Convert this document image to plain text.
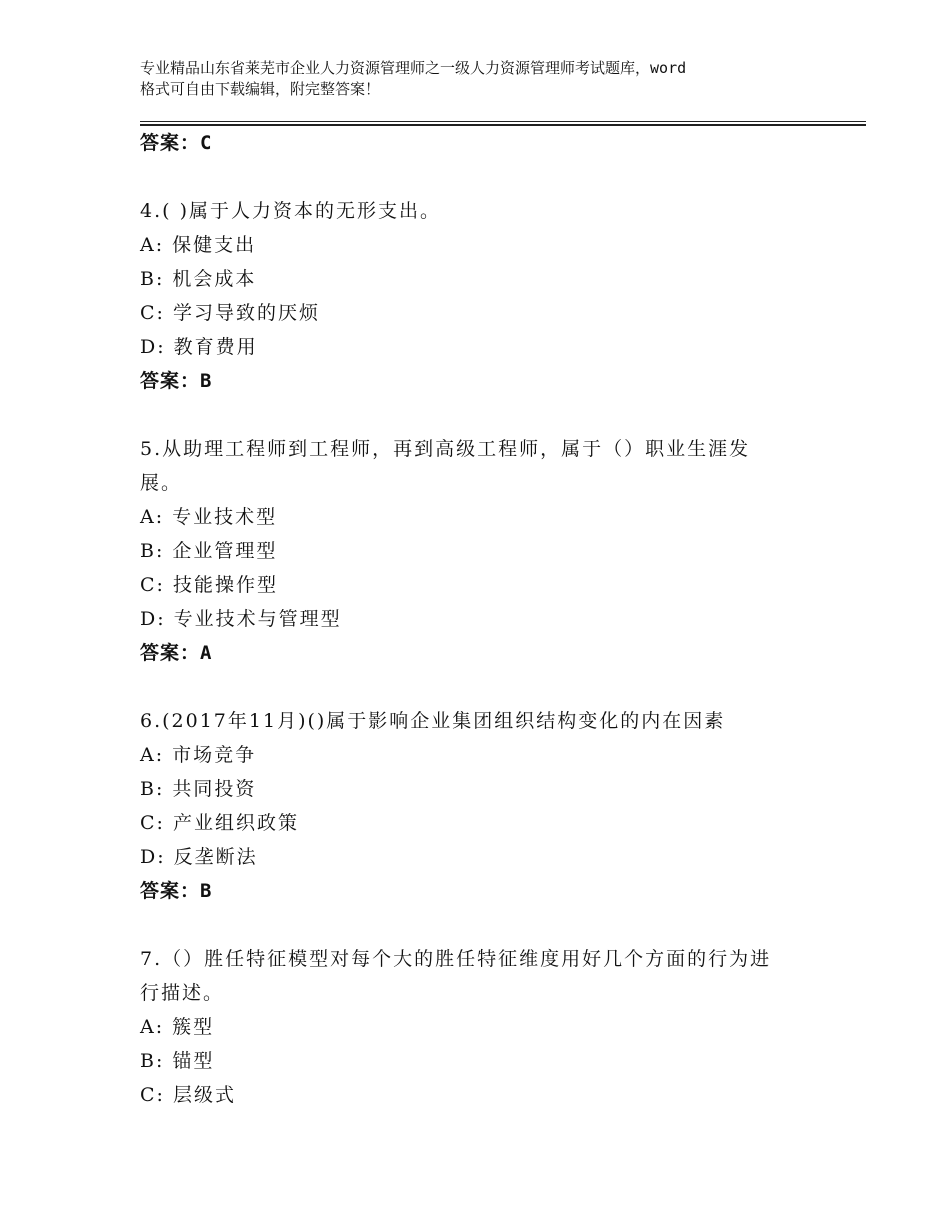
专业精品山东省莱芜市企业人力资源管理师之一级人力资源管理师考试题库，word
格式可自由下载编辑，附完整答案！
答案：C
4.( )属于人力资本的无形支出。
A: 保健支出
B: 机会成本
C: 学习导致的厌烦
D: 教育费用
答案：B
5.从助理工程师到工程师，再到高级工程师，属于（）职业生涯发
展。
A: 专业技术型
B: 企业管理型
C: 技能操作型
D: 专业技术与管理型
答案：A
6.(2017年11月)()属于影响企业集团组织结构变化的内在因素
A: 市场竞争
B: 共同投资
C: 产业组织政策
D: 反垄断法
答案：B
7.（）胜任特征模型对每个大的胜任特征维度用好几个方面的行为进
行描述。
A: 簇型
B: 锚型
C: 层级式
